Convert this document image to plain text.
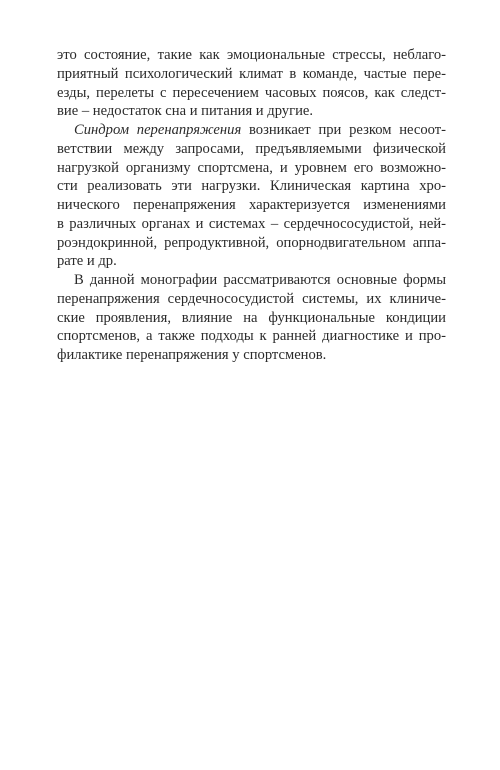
это состояние, такие как эмоциональные стрессы, неблаго-
приятный психологический климат в команде, частые пере-
езды, перелеты с пересечением часовых поясов, как следст-
вие – недостаток сна и питания и другие.
Синдром перенапряжения возникает при резком несоот-
ветствии между запросами, предъявляемыми физической
нагрузкой организму спортсмена, и уровнем его возможно-
сти реализовать эти нагрузки. Клиническая картина хро-
нического перенапряжения характеризуется изменениями
в различных органах и системах – сердечнососудистой, ней-
роэндокринной, репродуктивной, опорнодвигательном аппа-
рате и др.
В данной монографии рассматриваются основные формы
перенапряжения сердечнососудистой системы, их клиниче-
ские проявления, влияние на функциональные кондиции
спортсменов, а также подходы к ранней диагностике и про-
филактике перенапряжения у спортсменов.
